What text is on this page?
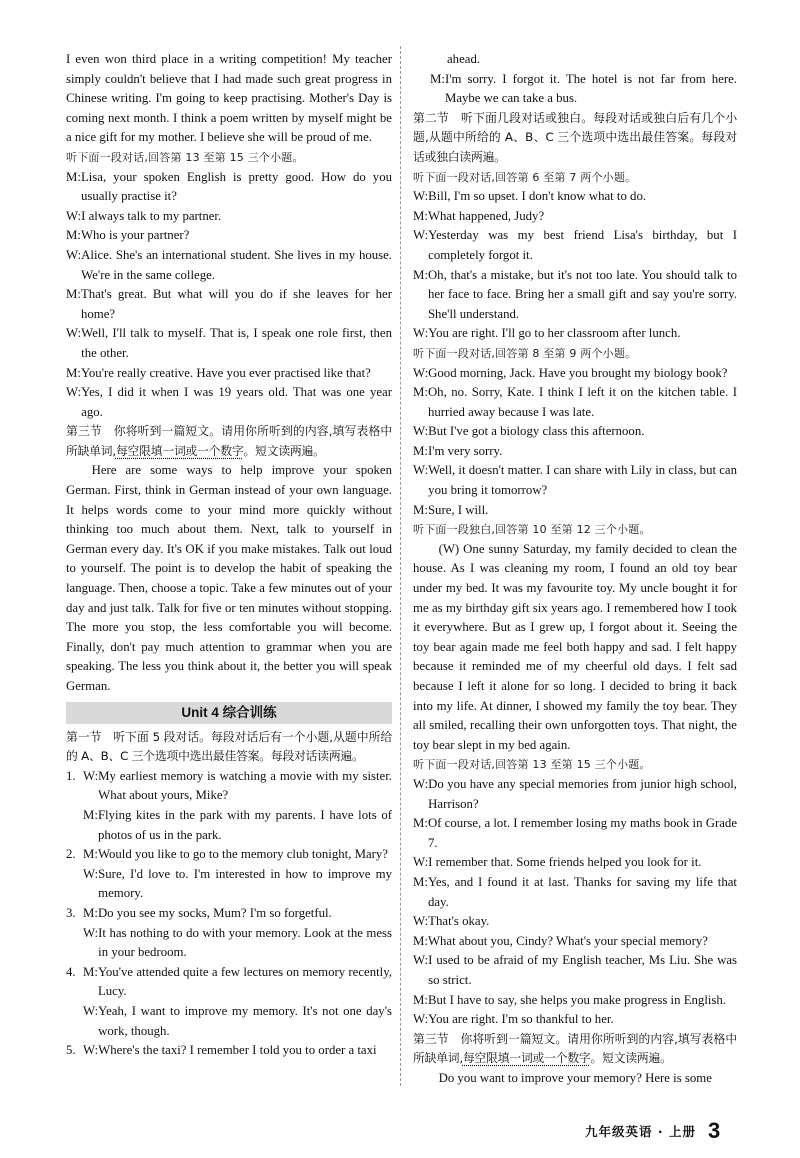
I even won third place in a writing competition! My teacher simply couldn't believe that I had made such great progress in Chinese writing. I'm going to keep practising. Mother's Day is coming next month. I think a poem written by myself might be a nice gift for my mother. I believe she will be proud of me.

听下面一段对话,回答第 13 至第 15 三个小题。

M: Lisa, your spoken English is pretty good. How do you usually practise it?
W: I always talk to my partner.
M: Who is your partner?
W: Alice. She's an international student. She lives in my house. We're in the same college.
M: That's great. But what will you do if she leaves for her home?
W: Well, I'll talk to myself. That is, I speak one role first, then the other.
M: You're really creative. Have you ever practised like that?
W: Yes, I did it when I was 19 years old. That was one year ago.

第三节　你将听到一篇短文。请用你所听到的内容,填写表格中所缺单词,每空限填一词或一个数字。短文读两遍。

Here are some ways to help improve your spoken German. First, think in German instead of your own language. It helps words come to your mind more quickly without thinking too much about them. Next, talk to yourself in German every day. It's OK if you make mistakes. Talk out loud to yourself. The point is to develop the habit of speaking the language. Then, choose a topic. Take a few minutes out of your day and just talk. Talk for five or ten minutes without stopping. The more you stop, the less comfortable you will become. Finally, don't pay much attention to grammar when you are speaking. The less you think about it, the better you will speak German.

Unit 4 综合训练

第一节　听下面 5 段对话。每段对话后有一个小题,从题中所给的 A、B、C 三个选项中选出最佳答案。每段对话读两遍。

1. W: My earliest memory is watching a movie with my sister. What about yours, Mike?
M: Flying kites in the park with my parents. I have lots of photos of us in the park.
2. M: Would you like to go to the memory club tonight, Mary?
W: Sure, I'd love to. I'm interested in how to improve my memory.
3. M: Do you see my socks, Mum? I'm so forgetful.
W: It has nothing to do with your memory. Look at the mess in your bedroom.
4. M: You've attended quite a few lectures on memory recently, Lucy.
W: Yeah, I want to improve my memory. It's not one day's work, though.
5. W: Where's the taxi? I remember I told you to order a taxi

ahead.

M: I'm sorry. I forgot it. The hotel is not far from here. Maybe we can take a bus.

第二节　听下面几段对话或独白。每段对话或独白后有几个小题,从题中所给的 A、B、C 三个选项中选出最佳答案。每段对话或独白读两遍。

听下面一段对话,回答第 6 至第 7 两个小题。

W: Bill, I'm so upset. I don't know what to do.
M: What happened, Judy?
W: Yesterday was my best friend Lisa's birthday, but I completely forgot it.
M: Oh, that's a mistake, but it's not too late. You should talk to her face to face. Bring her a small gift and say you're sorry. She'll understand.
W: You are right. I'll go to her classroom after lunch.

听下面一段对话,回答第 8 至第 9 两个小题。

W: Good morning, Jack. Have you brought my biology book?
M: Oh, no. Sorry, Kate. I think I left it on the kitchen table. I hurried away because I was late.
W: But I've got a biology class this afternoon.
M: I'm very sorry.
W: Well, it doesn't matter. I can share with Lily in class, but can you bring it tomorrow?
M: Sure, I will.

听下面一段独白,回答第 10 至第 12 三个小题。

(W) One sunny Saturday, my family decided to clean the house. As I was cleaning my room, I found an old toy bear under my bed. It was my favourite toy. My uncle bought it for me as my birthday gift six years ago. I remembered how I took it everywhere. But as I grew up, I forgot about it. Seeing the toy bear again made me feel both happy and sad. I felt happy because it reminded me of my cheerful old days. I felt sad because I left it alone for so long. I decided to bring it back into my life. At dinner, I showed my family the toy bear. They all smiled, recalling their own unforgotten toys. That night, the toy bear slept in my bed again.

听下面一段对话,回答第 13 至第 15 三个小题。

W: Do you have any special memories from junior high school, Harrison?
M: Of course, a lot. I remember losing my maths book in Grade 7.
W: I remember that. Some friends helped you look for it.
M: Yes, and I found it at last. Thanks for saving my life that day.
W: That's okay.
M: What about you, Cindy? What's your special memory?
W: I used to be afraid of my English teacher, Ms Liu. She was so strict.
M: But I have to say, she helps you make progress in English.
W: You are right. I'm so thankful to her.

第三节　你将听到一篇短文。请用你所听到的内容,填写表格中所缺单词,每空限填一词或一个数字。短文读两遍。

Do you want to improve your memory? Here is some

九年级英语 · 上册 3
